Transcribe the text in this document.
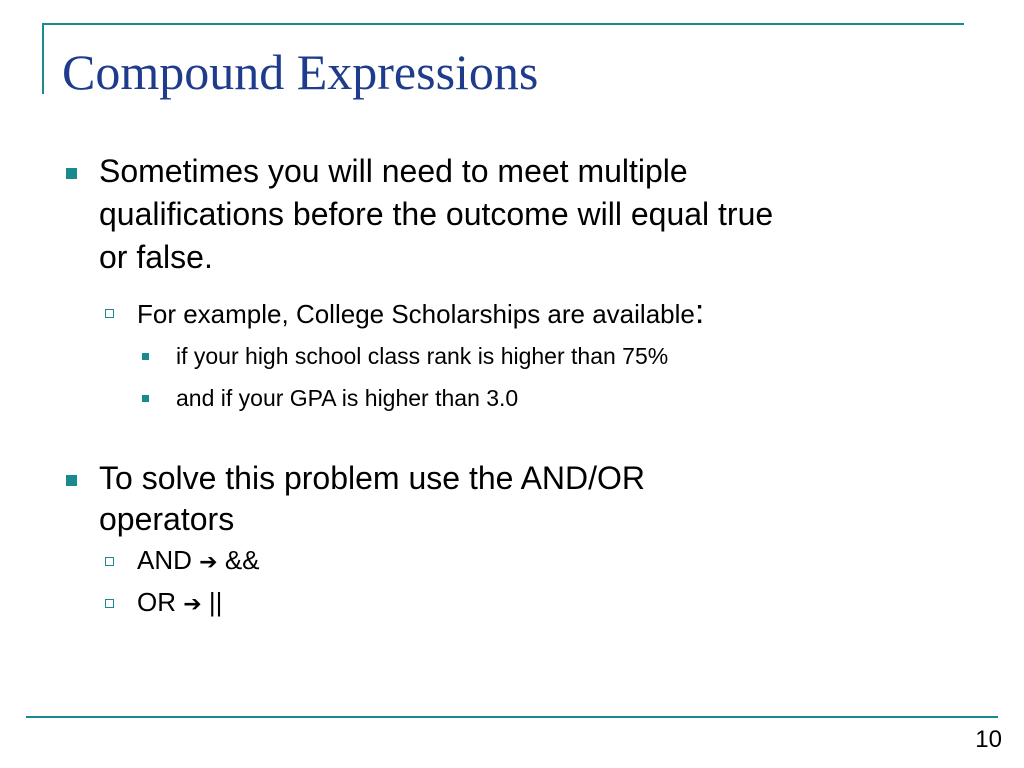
Compound Expressions
Sometimes you will need to meet multiple
qualifications before the outcome will equal true
or false.
For example, College Scholarships are available:
if your high school class rank is higher than 75%
and if your GPA is higher than 3.0
To solve this problem use the AND/OR
operators
AND ➔ &&
OR ➔ ||
10
